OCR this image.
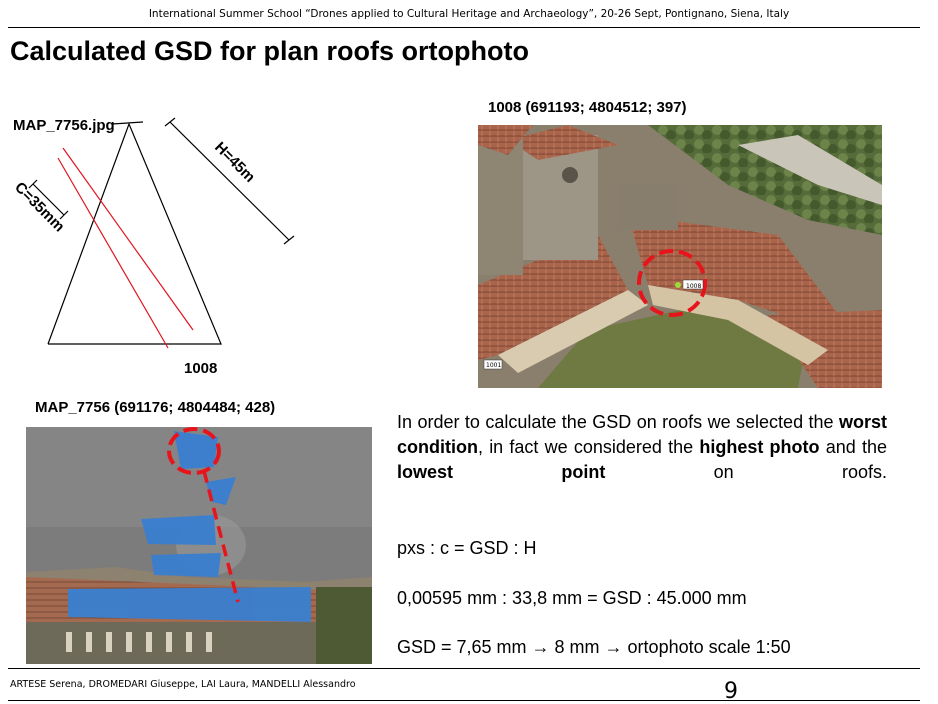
International Summer School “Drones applied to Cultural Heritage and Archaeology”, 20-26 Sept, Pontignano, Siena, Italy
Calculated GSD for plan roofs ortophoto
MAP_7756.jpg
H=45m
C=35mm
1008
1008 (691193; 4804512; 397)
1008
1001
MAP_7756 (691176; 4804484; 428)
In order to calculate the GSD on roofs we selected the worst condition, in fact we considered the highest photo and the lowest point	on roofs.
pxs : c = GSD : H
0,00595 mm : 33,8 mm = GSD : 45.000 mm
GSD = 7,65 mm → 8 mm → ortophoto scale 1:50
ARTESE Serena, DROMEDARI Giuseppe, LAI Laura, MANDELLI Alessandro	9
